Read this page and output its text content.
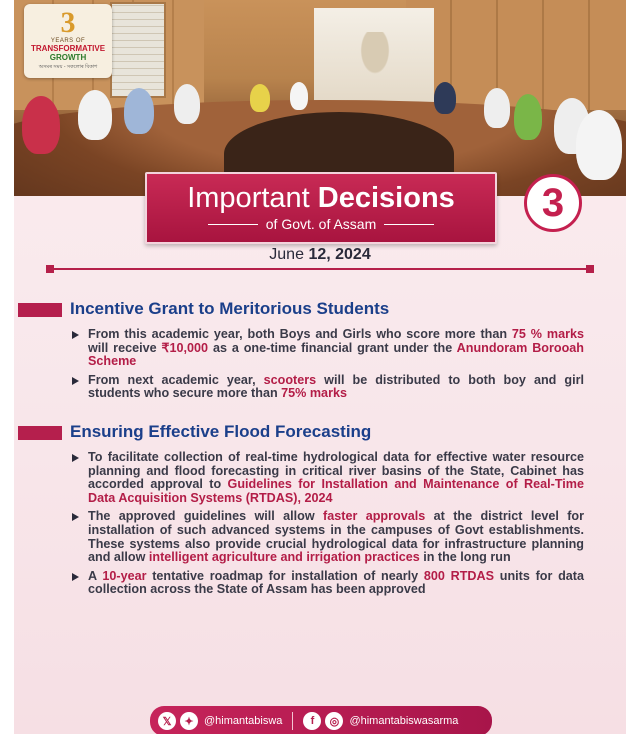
3
YEARS OF
TRANSFORMATIVE
GROWTH
অসমৰ সময় - সকলোৰ বিকাশ
Important Decisions
of Govt. of Assam	3
June 12, 2024
Incentive Grant to Meritorious Students
From this academic year, both Boys and Girls who score more than 75 % marks will receive ₹10,000 as a one-time financial grant under the Anundoram Borooah Scheme
From next academic year, scooters will be distributed to both boy and girl students who secure more than 75% marks
Ensuring Effective Flood Forecasting
To facilitate collection of real-time hydrological data for effective water resource planning and flood forecasting in critical river basins of the State, Cabinet has accorded approval to Guidelines for Installation and Maintenance of Real-Time Data Acquisition Systems (RTDAS), 2024
The approved guidelines will allow faster approvals at the district level for installation of such advanced systems in the campuses of Govt establishments. These systems also provide crucial hydrological data for infrastructure planning and allow intelligent agriculture and irrigation practices in the long run
A 10-year tentative roadmap for installation of nearly 800 RTDAS units for data collection across the State of Assam has been approved
𝕏	✦ @himantabiswa	f	◎ @himantabiswasarma
